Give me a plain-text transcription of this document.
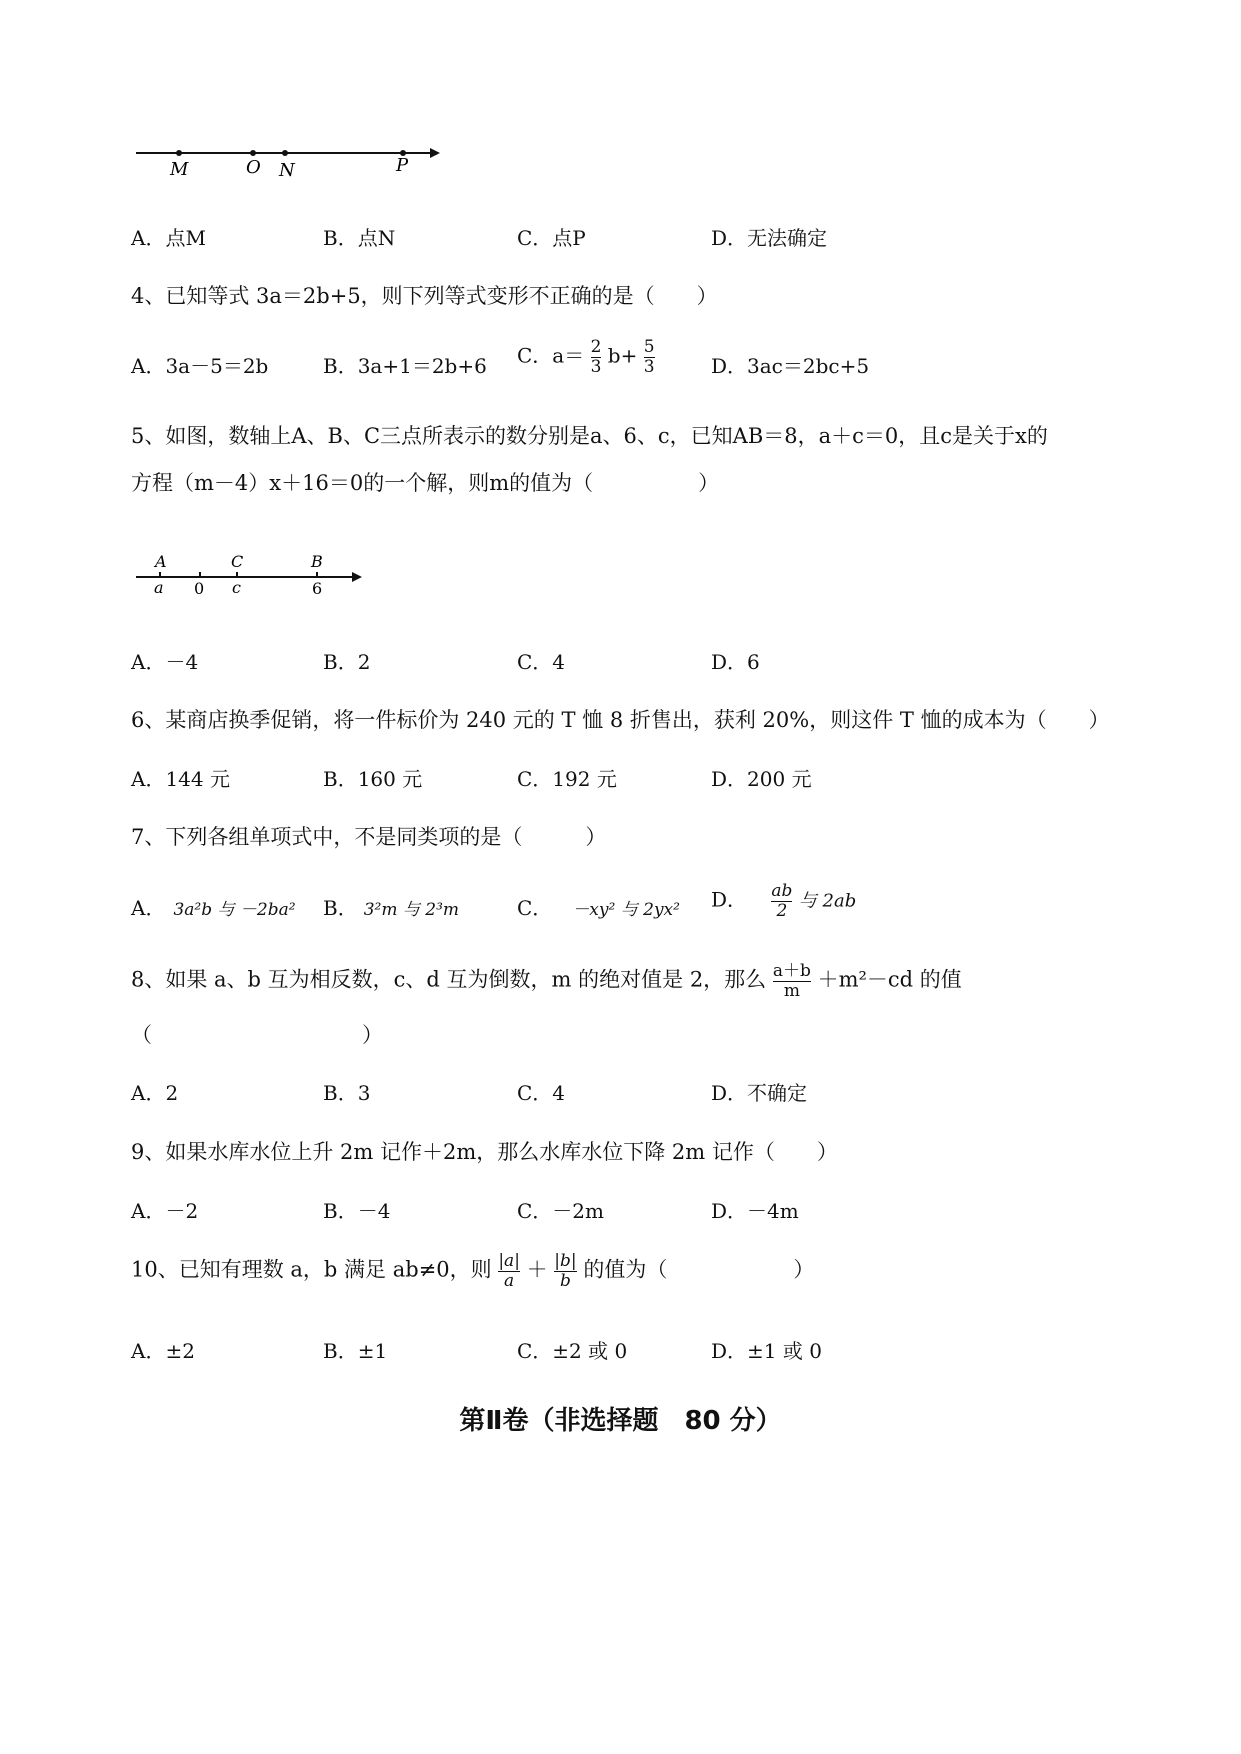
M	O N	P
A．点M	B．点N	C．点P	D．无法确定
4、已知等式 3a＝2b+5，则下列等式变形不正确的是（　　）
A．3a－5＝2b	B．3a+1＝2b+6 C．$a= \frac{2}{3} b+ \frac{5}{3}$	D．3ac＝2bc+5
5、如图，数轴上A、B、C三点所表示的数分别是a、6、c，已知AB＝8，a＋c＝0，且c是关于x的
方程（m－4）x＋16＝0的一个解，则m的值为（　　　　　）
A	C	B
a 0 c	6
A．－4	B．2	C．4	D．6
6、某商店换季促销，将一件标价为 240 元的 T 恤 8 折售出，获利 20%，则这件 T 恤的成本为（　　）
A．144 元	B．160 元	C．192 元	D．200 元
7、下列各组单项式中，不是同类项的是（　　　）
A． 3a²b 与 －2ba² B． 3²m 与 2³m	C． －xy² 与 2yx² D． $\frac{ab}{2}$ 与 2ab
8、如果 a、b 互为相反数，c、d 互为倒数，m 的绝对值是 2，那么 $\frac{a+b}{m} +m^2-cd$ 的值
（　　　　　　　　　　）
A．2	B．3	C．4	D．不确定
9、如果水库水位上升 2m 记作＋2m，那么水库水位下降 2m 记作（　　）
A．－2	B．－4	C．－2m	D．－4m
10、已知有理数 a，b 满足 ab≠0，则 $\frac{|a|}{a} + \frac{|b|}{b}$ 的值为（　　　　　　）
A．±2	B．±1	C．±2 或 0	D．±1 或 0
第Ⅱ卷（非选择题　80 分）
